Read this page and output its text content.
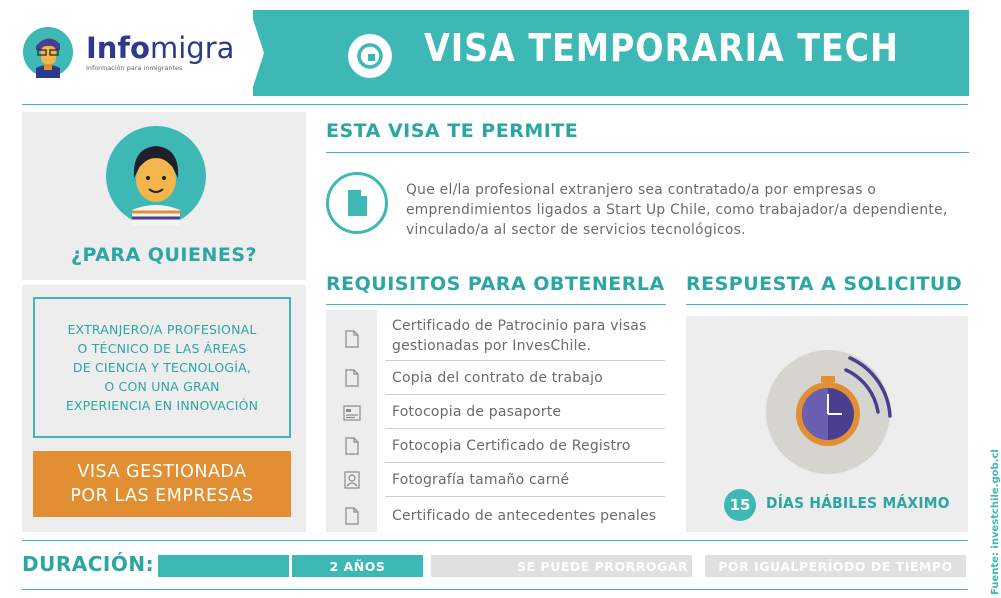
Infomigra
Información para inmigrantes	VISA TEMPORARIA TECH
¿PARA QUIENES?
EXTRANJERO/A PROFESIONAL
O TÉCNICO DE LAS ÁREAS
DE CIENCIA Y TECNOLOGÍA,
O CON UNA GRAN
EXPERIENCIA EN INNOVACIÓN
VISA GESTIONADA
POR LAS EMPRESAS
ESTA VISA TE PERMITE
Que el/la profesional extranjero sea contratado/a por empresas o emprendimientos ligados a Start Up Chile, como trabajador/a dependiente, vinculado/a al sector de servicios tecnológicos.
REQUISITOS PARA OBTENERLA
Certificado de Patrocinio para visas gestionadas por InvesChile.
Copia del contrato de trabajo
Fotocopia de pasaporte
Fotocopia Certificado de Registro
Fotografía tamaño carné
Certificado de antecedentes penales
RESPUESTA A SOLICITUD
15	DÍAS HÁBILES MÁXIMO
DURACIÓN:	2 AÑOS	SE PUEDE PRORROGAR	POR IGUALPERÍODO DE TIEMPO	Fuente: investchile.gob.cl
